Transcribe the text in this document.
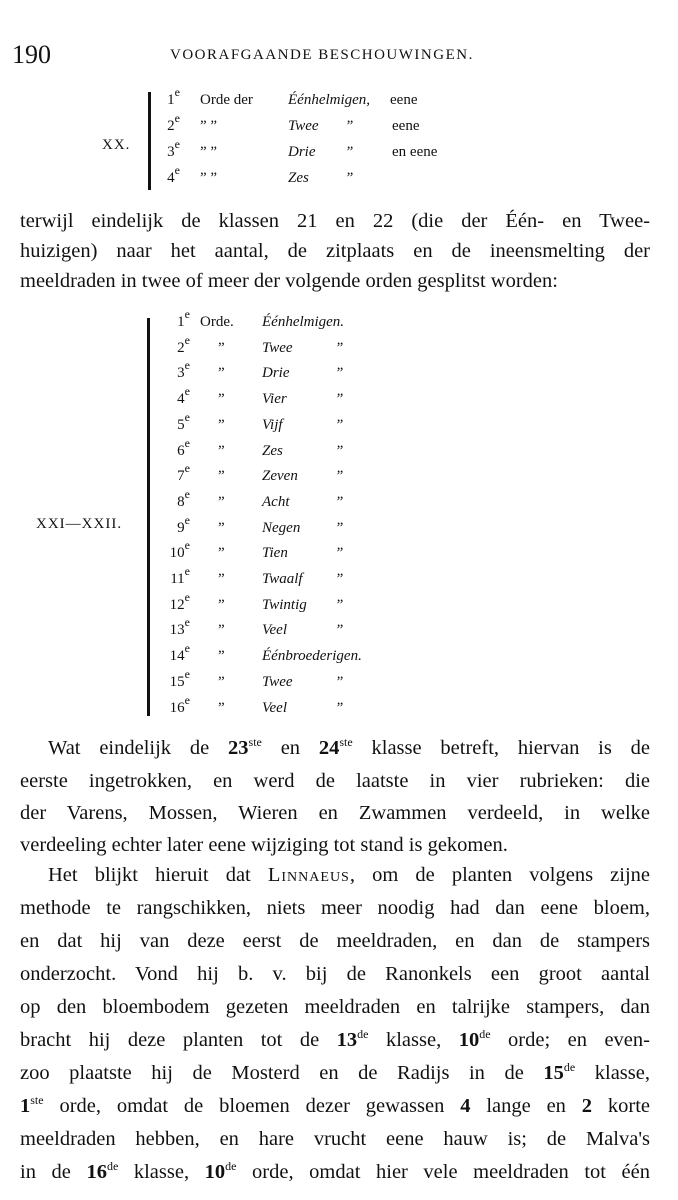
190	VOORAFGAANDE BESCHOUWINGEN.
XX.
1e Orde der Éénhelmigen, eene
2e ” ”	Twee ”	eene
3e ” ”	Drie ”	en eene
4e ” ”	Zes ”
terwijl eindelijk de klassen 21 en 22 (die der Één- en Twee-
huizigen) naar het aantal, de zitplaats en de ineensmelting der
meeldraden in twee of meer der volgende orden gesplitst worden:
XXI—XXII.
1e Orde. Éénhelmigen.
2e ” Twee	”
3e ” Drie	”
4e ” Vier	”
5e ” Vijf	”
6e ” Zes	”
7e ” Zeven ”
8e ” Acht	”
9e ” Negen ”
10e ” Tien	”
11e ” Twaalf ”
12e ” Twintig ”
13e ” Veel	”
14e ” Éénbroederigen.
15e ” Twee	”
16e ” Veel	”
Wat eindelijk de 23ste en 24ste klasse betreft, hiervan is de
eerste ingetrokken, en werd de laatste in vier rubrieken: die
der Varens, Mossen, Wieren en Zwammen verdeeld, in welke
verdeeling echter later eene wijziging tot stand is gekomen.
Het blijkt hieruit dat Linnaeus, om de planten volgens zijne
methode te rangschikken, niets meer noodig had dan eene bloem,
en dat hij van deze eerst de meeldraden, en dan de stampers
onderzocht. Vond hij b. v. bij de Ranonkels een groot aantal
op den bloembodem gezeten meeldraden en talrijke stampers, dan
bracht hij deze planten tot de 13de klasse, 10de orde; en even-
zoo plaatste hij de Mosterd en de Radijs in de 15de klasse,
1ste orde, omdat de bloemen dezer gewassen 4 lange en 2 korte
meeldraden hebben, en hare vrucht eene hauw is; de Malva's
in de 16de klasse, 10de orde, omdat hier vele meeldraden tot één
